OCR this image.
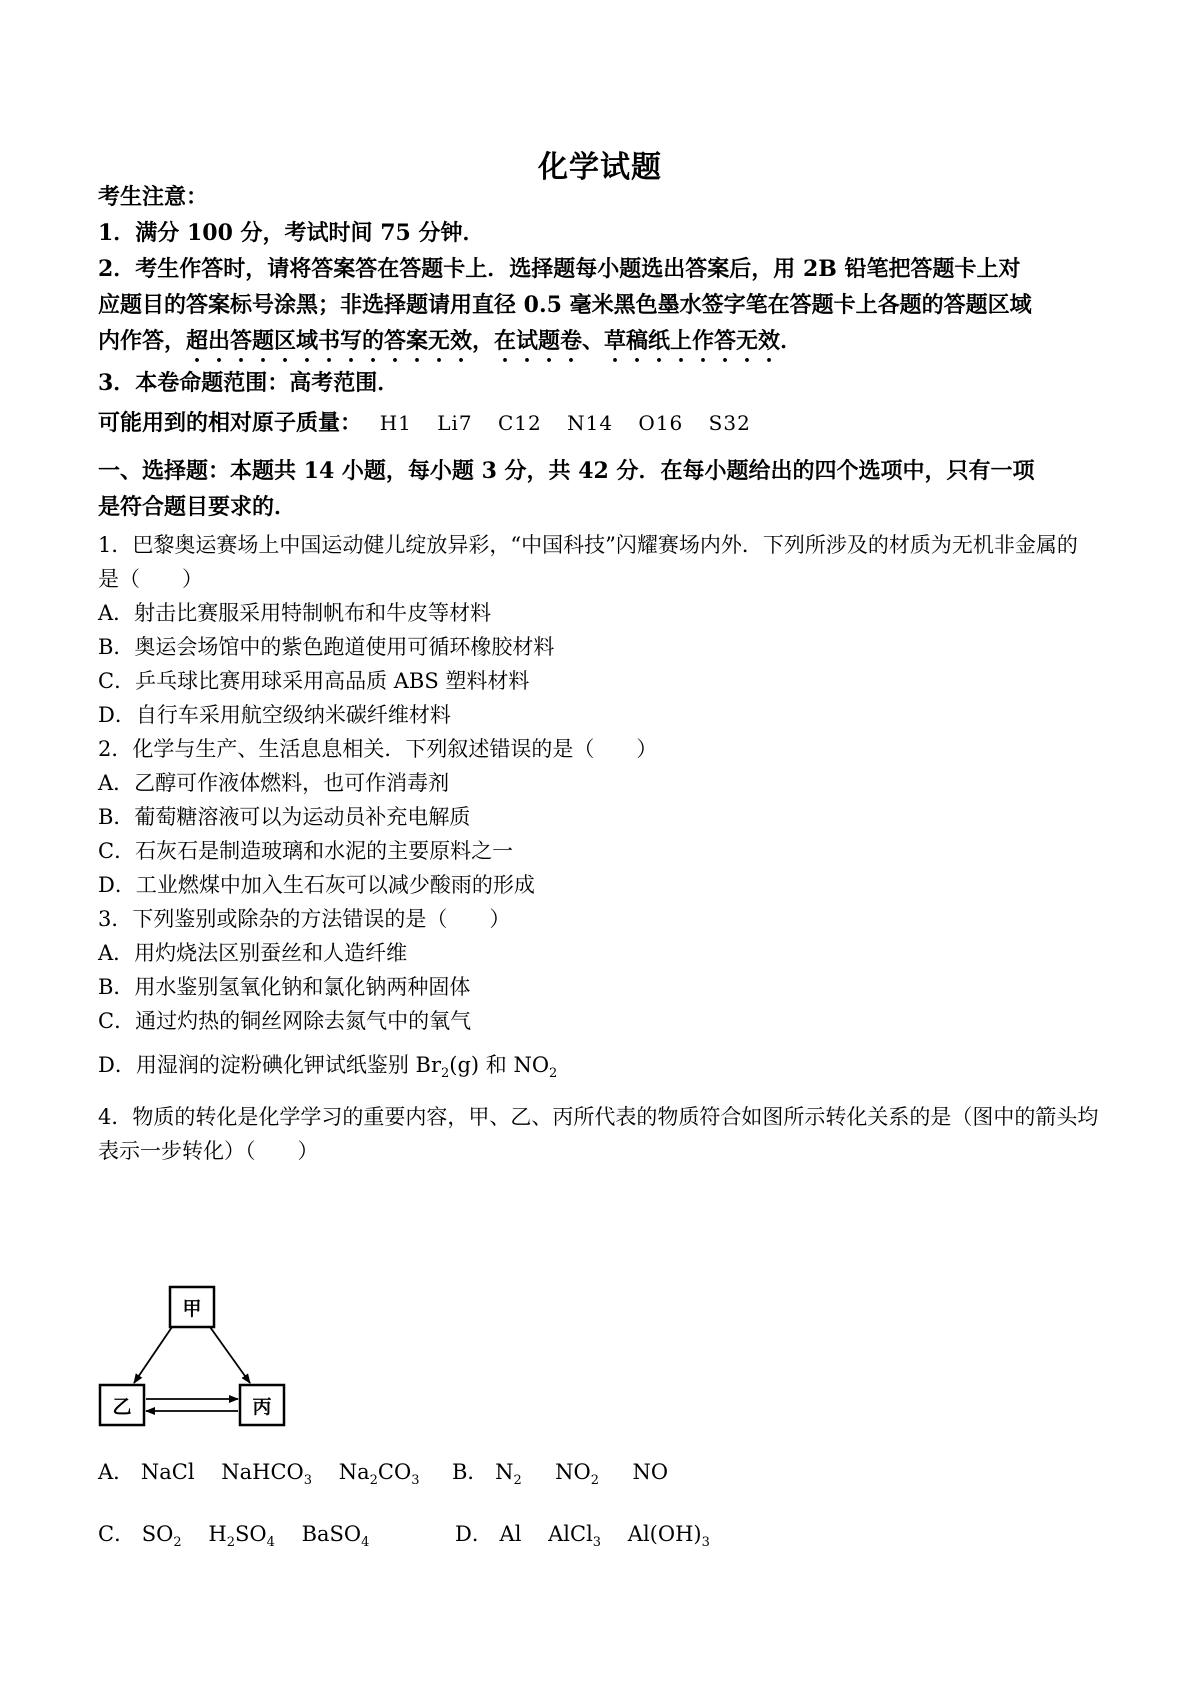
化学试题
考生注意：
1．满分 100 分，考试时间 75 分钟．
2．考生作答时，请将答案答在答题卡上．选择题每小题选出答案后，用 2B 铅笔把答题卡上对
应题目的答案标号涂黑；非选择题请用直径 0.5 毫米黑色墨水签字笔在答题卡上各题的答题区域
内作答，超出答题区域书写的答案无效，在试题卷、草稿纸上作答无效．
3．本卷命题范围：高考范围．
可能用到的相对原子质量： H1 Li7 C12 N14 O16 S32
一、选择题：本题共 14 小题，每小题 3 分，共 42 分．在每小题给出的四个选项中，只有一项
是符合题目要求的．
1．巴黎奥运赛场上中国运动健儿绽放异彩，“中国科技”闪耀赛场内外．下列所涉及的材质为无机非金属的
是（　　）
A．射击比赛服采用特制帆布和牛皮等材料
B．奥运会场馆中的紫色跑道使用可循环橡胶材料
C．乒乓球比赛用球采用高品质 ABS 塑料材料
D．自行车采用航空级纳米碳纤维材料
2．化学与生产、生活息息相关．下列叙述错误的是（　　）
A．乙醇可作液体燃料，也可作消毒剂
B．葡萄糖溶液可以为运动员补充电解质
C．石灰石是制造玻璃和水泥的主要原料之一
D．工业燃煤中加入生石灰可以减少酸雨的形成
3．下列鉴别或除杂的方法错误的是（　　）
A．用灼烧法区别蚕丝和人造纤维
B．用水鉴别氢氧化钠和氯化钠两种固体
C．通过灼热的铜丝网除去氮气中的氧气
D．用湿润的淀粉碘化钾试纸鉴别 $Br_2(g)$ 和 $NO_2$
4．物质的转化是化学学习的重要内容，甲、乙、丙所代表的物质符合如图所示转化关系的是（图中的箭头均
表示一步转化）（　　）
甲
乙	丙
A． NaCl NaHCO$_3$ $Na_2CO_3$ B． $N_2$ $NO_2$ NO
C． $SO_2$ $H_2SO_4$ BaSO$_4$	D． Al AlCl$_3$ $Al(OH)_3$
